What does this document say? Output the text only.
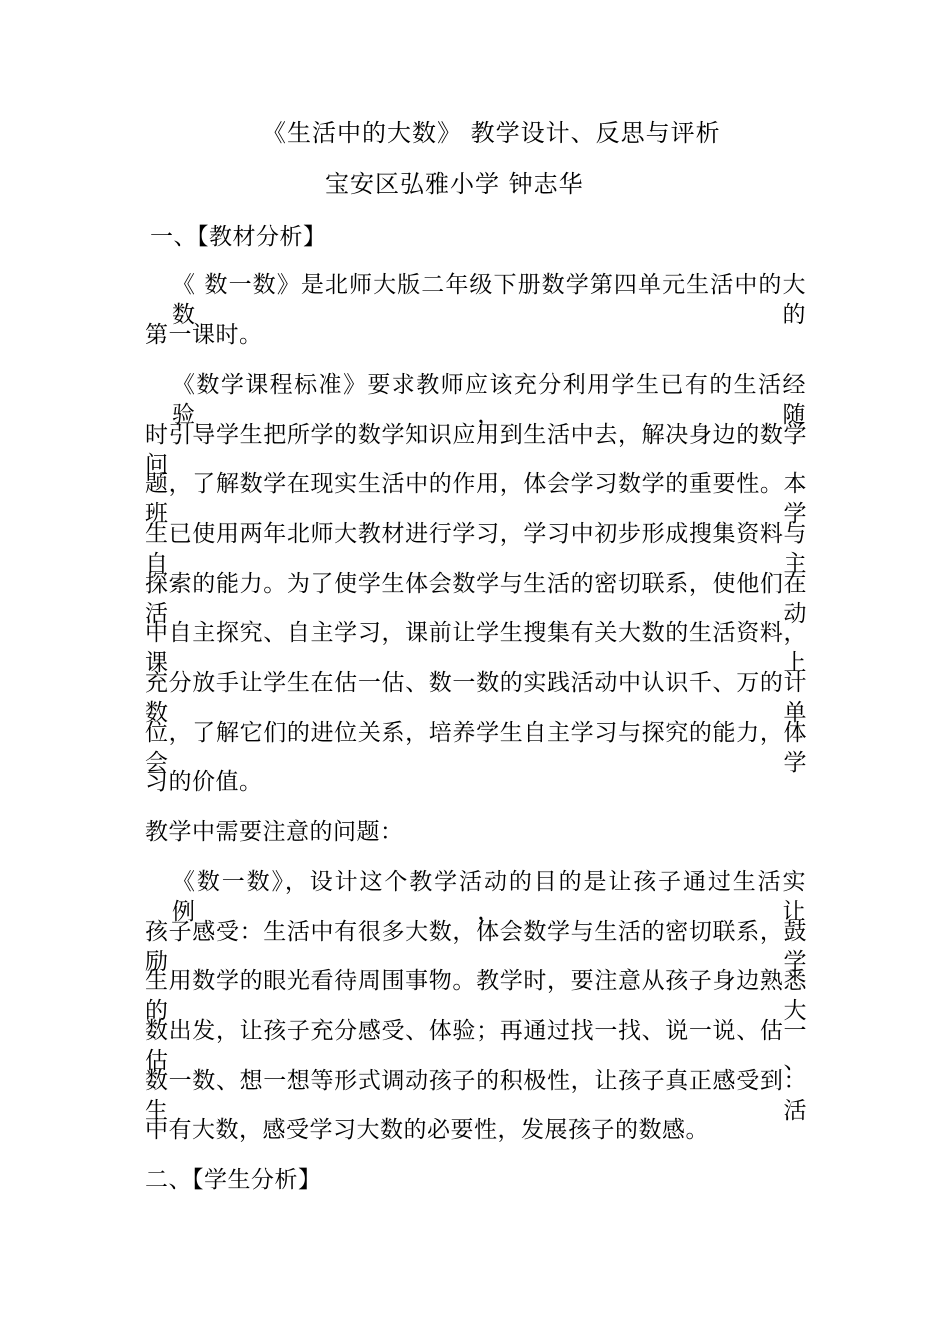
《生活中的大数》 教学设计、反思与评析
宝安区弘雅小学 钟志华
一、【教材分析】
《 数一数》是北师大版二年级下册数学第四单元生活中的大数的
第一课时。
《数学课程标准》要求教师应该充分利用学生已有的生活经验，随
时引导学生把所学的数学知识应用到生活中去，解决身边的数学问
题，了解数学在现实生活中的作用，体会学习数学的重要性。本班学
生已使用两年北师大教材进行学习，学习中初步形成搜集资料与自主
探索的能力。为了使学生体会数学与生活的密切联系，使他们在活动
中自主探究、自主学习，课前让学生搜集有关大数的生活资料，课上
充分放手让学生在估一估、数一数的实践活动中认识千、万的计数单
位，了解它们的进位关系，培养学生自主学习与探究的能力，体会学
习的价值。
教学中需要注意的问题：
《数一数》，设计这个教学活动的目的是让孩子通过生活实例，让
孩子感受：生活中有很多大数，体会数学与生活的密切联系，鼓励学
生用数学的眼光看待周围事物。教学时，要注意从孩子身边熟悉的大
数出发，让孩子充分感受、体验；再通过找一找、说一说、估一估、
数一数、想一想等形式调动孩子的积极性，让孩子真正感受到：生活
中有大数，感受学习大数的必要性，发展孩子的数感。
二、【学生分析】
